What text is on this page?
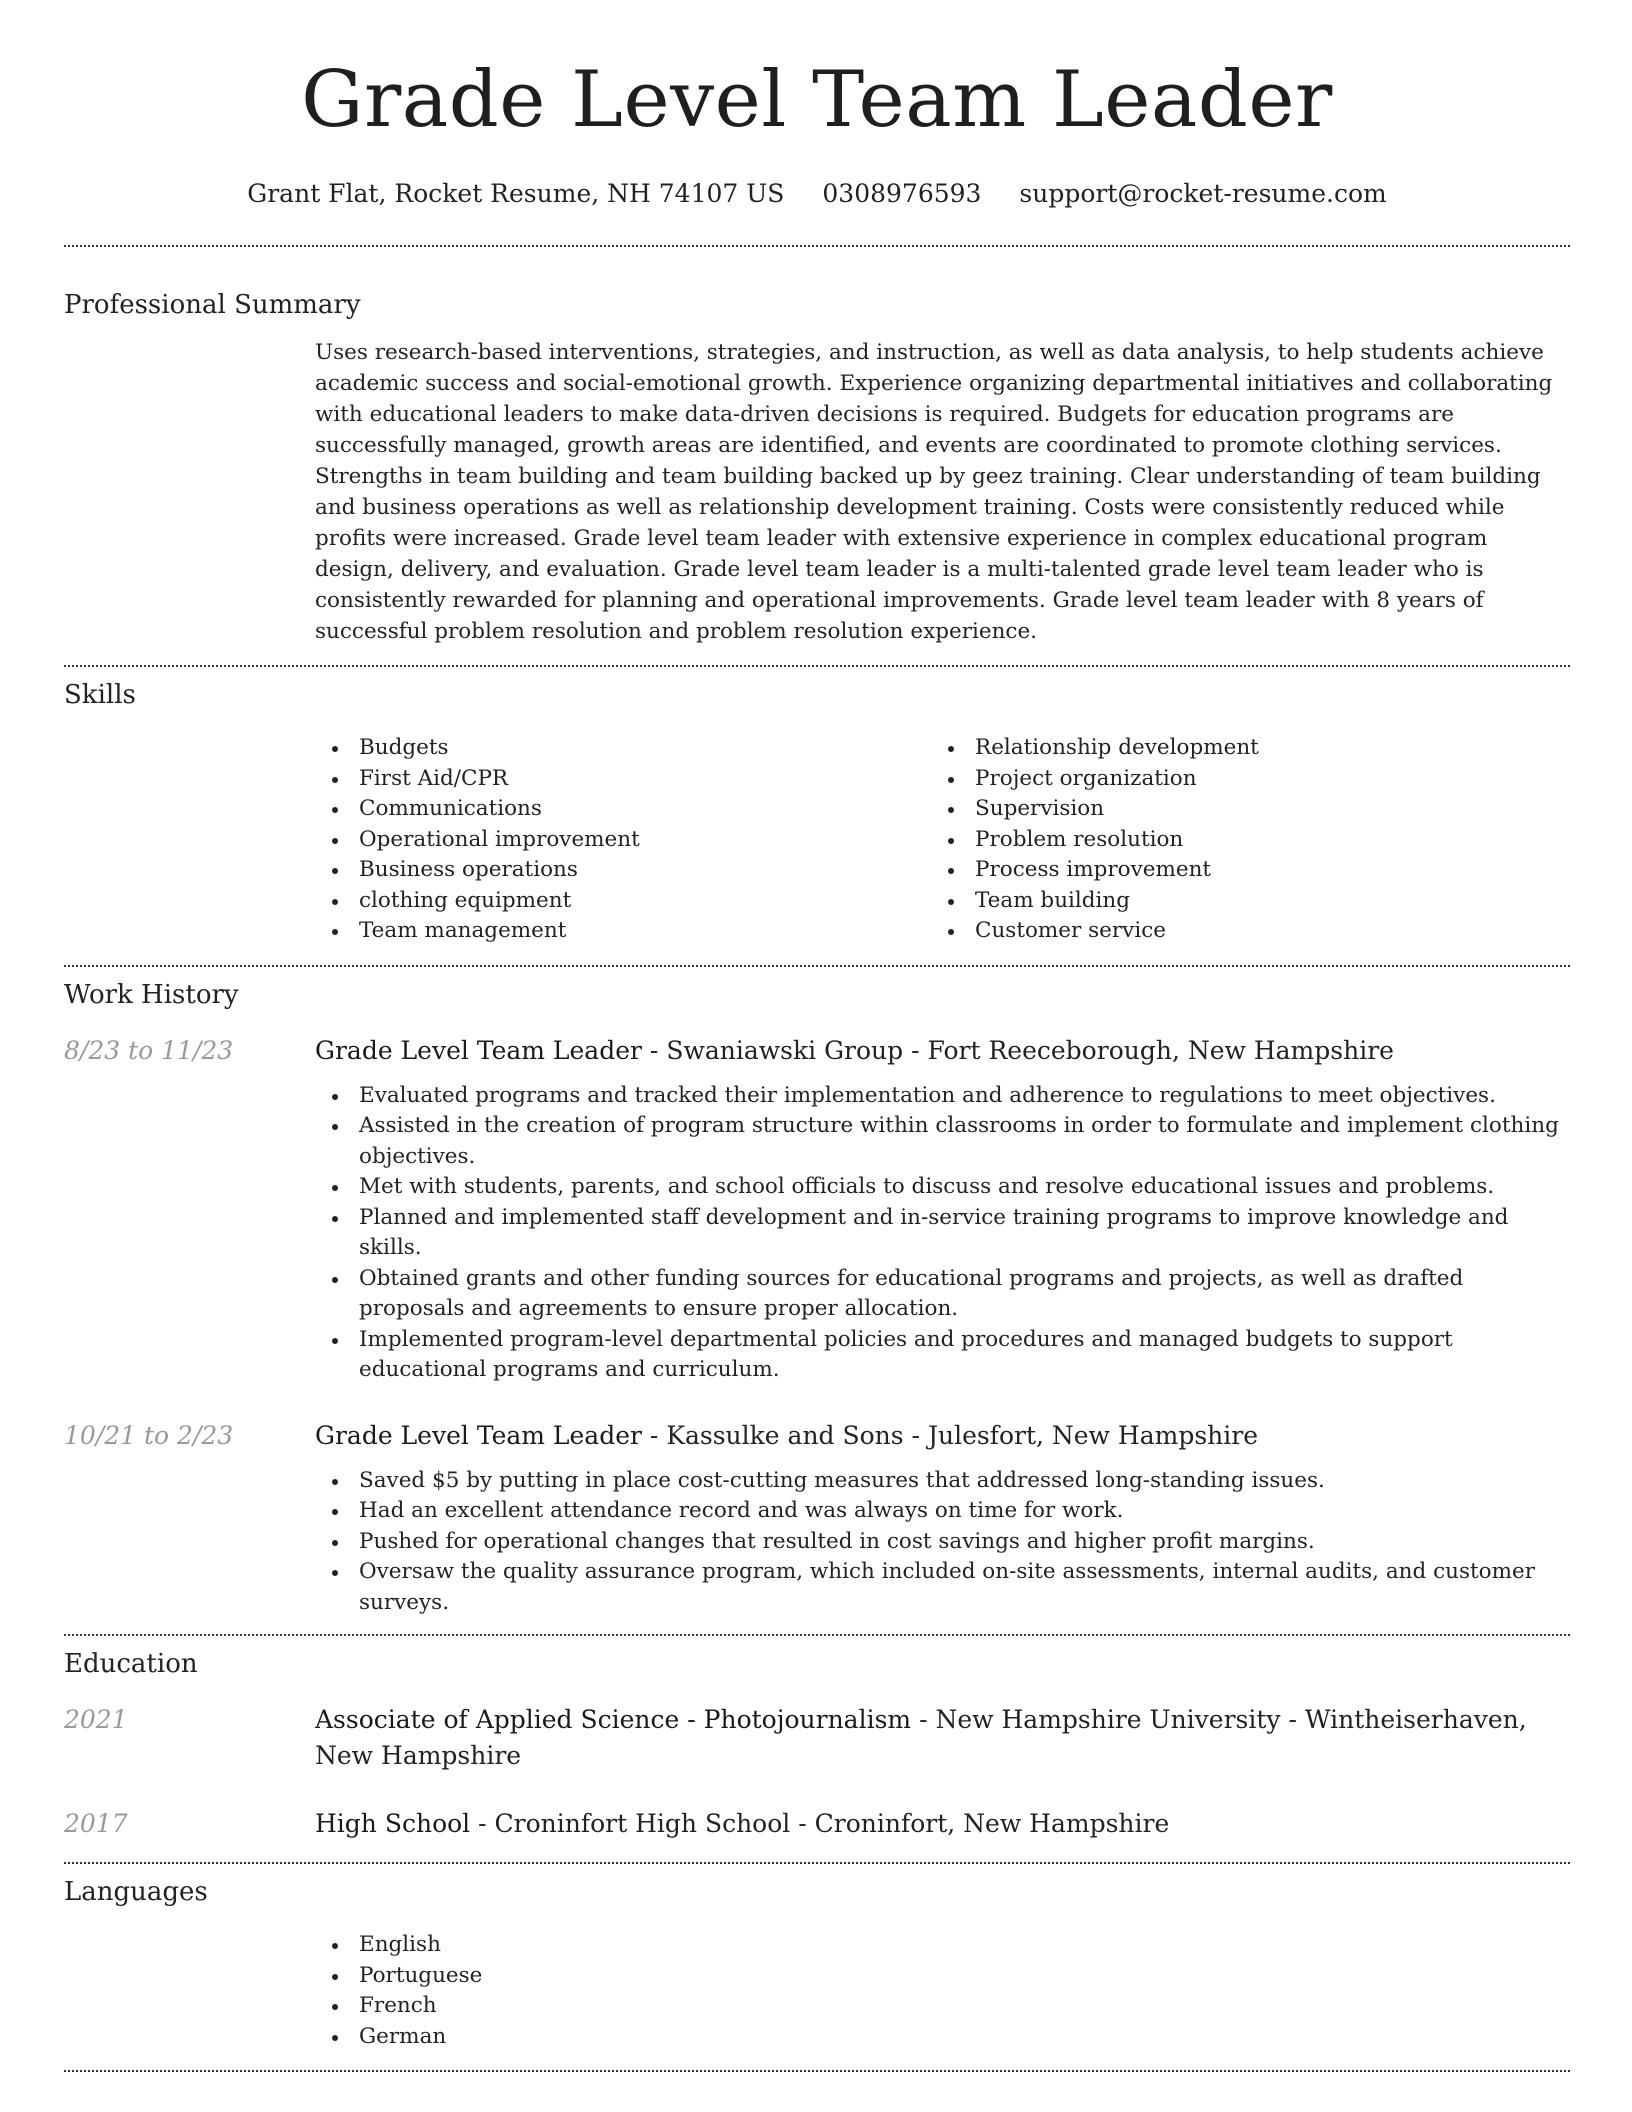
Grade Level Team Leader
Grant Flat, Rocket Resume, NH 74107 US 0308976593 support@rocket-resume.com
Professional Summary
Uses research-based interventions, strategies, and instruction, as well as data analysis, to help students achieve academic success and social-emotional growth. Experience organizing departmental initiatives and collaborating with educational leaders to make data-driven decisions is required. Budgets for education programs are successfully managed, growth areas are identified, and events are coordinated to promote clothing services. Strengths in team building and team building backed up by geez training. Clear understanding of team building and business operations as well as relationship development training. Costs were consistently reduced while profits were increased. Grade level team leader with extensive experience in complex educational program design, delivery, and evaluation. Grade level team leader is a multi-talented grade level team leader who is consistently rewarded for planning and operational improvements. Grade level team leader with 8 years of successful problem resolution and problem resolution experience.
Skills
Budgets
First Aid/CPR
Communications
Operational improvement
Business operations
clothing equipment
Team management
Relationship development
Project organization
Supervision
Problem resolution
Process improvement
Team building
Customer service
Work History
8/23 to 11/23	Grade Level Team Leader - Swaniawski Group - Fort Reeceborough, New Hampshire
Evaluated programs and tracked their implementation and adherence to regulations to meet objectives.
Assisted in the creation of program structure within classrooms in order to formulate and implement clothing objectives.
Met with students, parents, and school officials to discuss and resolve educational issues and problems.
Planned and implemented staff development and in-service training programs to improve knowledge and skills.
Obtained grants and other funding sources for educational programs and projects, as well as drafted proposals and agreements to ensure proper allocation.
Implemented program-level departmental policies and procedures and managed budgets to support educational programs and curriculum.
10/21 to 2/23	Grade Level Team Leader - Kassulke and Sons - Julesfort, New Hampshire
Saved $5 by putting in place cost-cutting measures that addressed long-standing issues.
Had an excellent attendance record and was always on time for work.
Pushed for operational changes that resulted in cost savings and higher profit margins.
Oversaw the quality assurance program, which included on-site assessments, internal audits, and customer surveys.
Education
2021	Associate of Applied Science - Photojournalism - New Hampshire University - Wintheiserhaven, New Hampshire
2017	High School - Croninfort High School - Croninfort, New Hampshire
Languages
English
Portuguese
French
German
